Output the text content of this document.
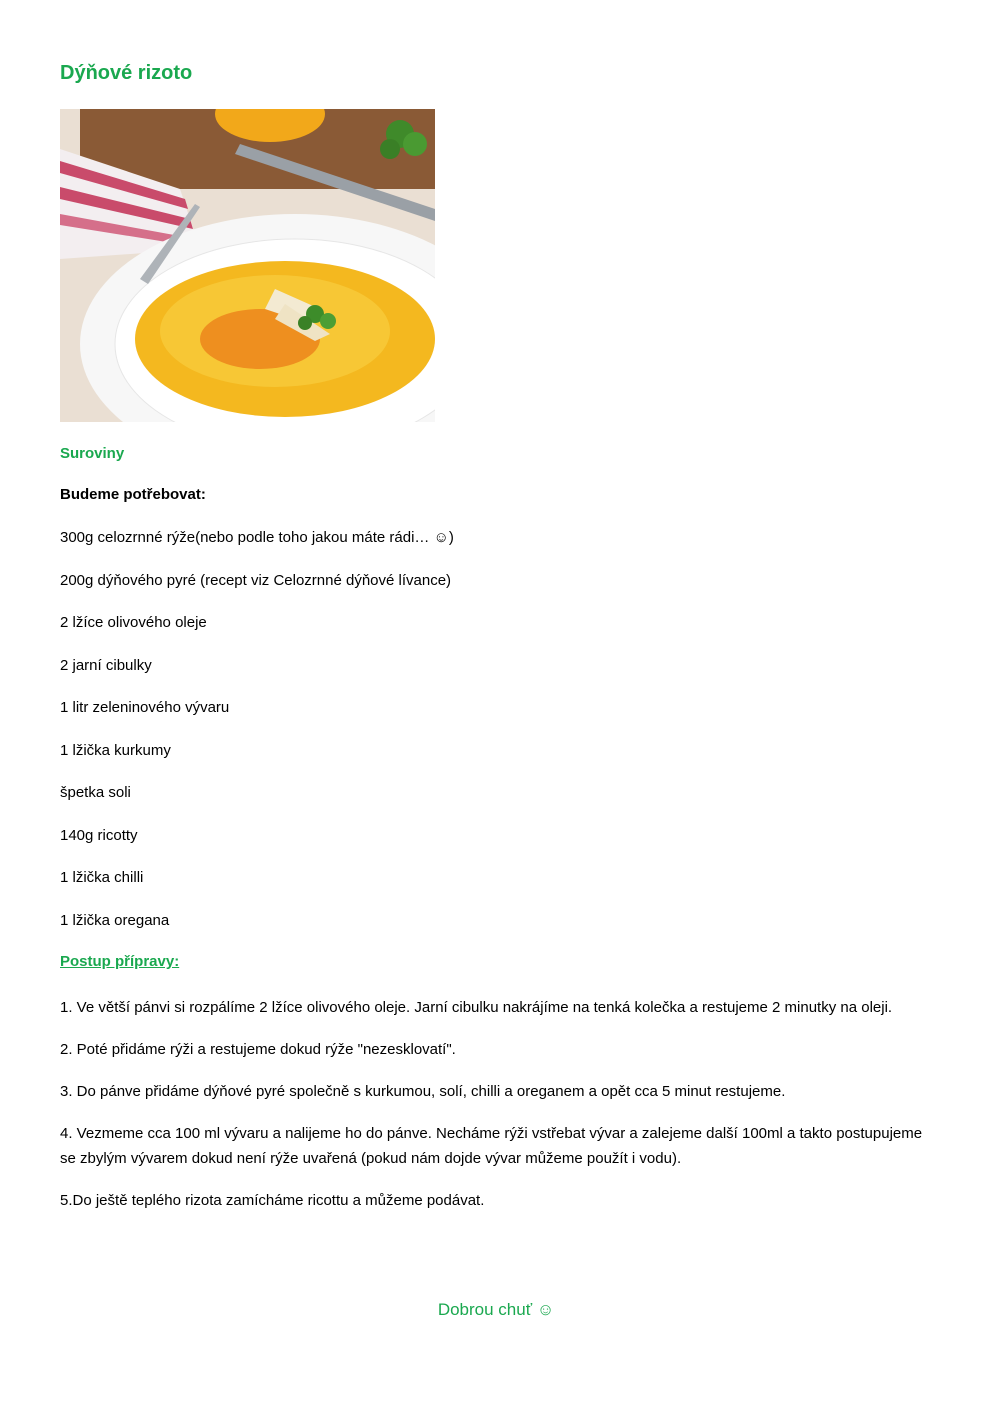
Dýňové rizoto
Suroviny
Budeme potřebovat:
300g celozrnné rýže(nebo podle toho jakou máte rádi… ☺)
200g dýňového pyré (recept viz Celozrnné dýňové lívance)
2 lžíce olivového oleje
2 jarní cibulky
1 litr zeleninového vývaru
1 lžička kurkumy
špetka soli
140g ricotty
1 lžička chilli
1 lžička oregana
Postup přípravy:
1. Ve větší pánvi si rozpálíme 2 lžíce olivového oleje. Jarní cibulku nakrájíme na tenká kolečka a restujeme 2 minutky na oleji.
2. Poté přidáme rýži a restujeme dokud rýže "nezesklovatí".
3. Do pánve přidáme dýňové pyré společně s kurkumou, solí, chilli a oreganem a opět cca 5 minut restujeme.
4. Vezmeme cca 100 ml vývaru a nalijeme ho do pánve. Necháme rýži vstřebat vývar a zalejeme další 100ml a takto postupujeme se zbylým vývarem dokud není rýže uvařená (pokud nám dojde vývar můžeme použít i vodu).
5.Do ještě teplého rizota zamícháme ricottu a můžeme podávat.
Dobrou chuť ☺
